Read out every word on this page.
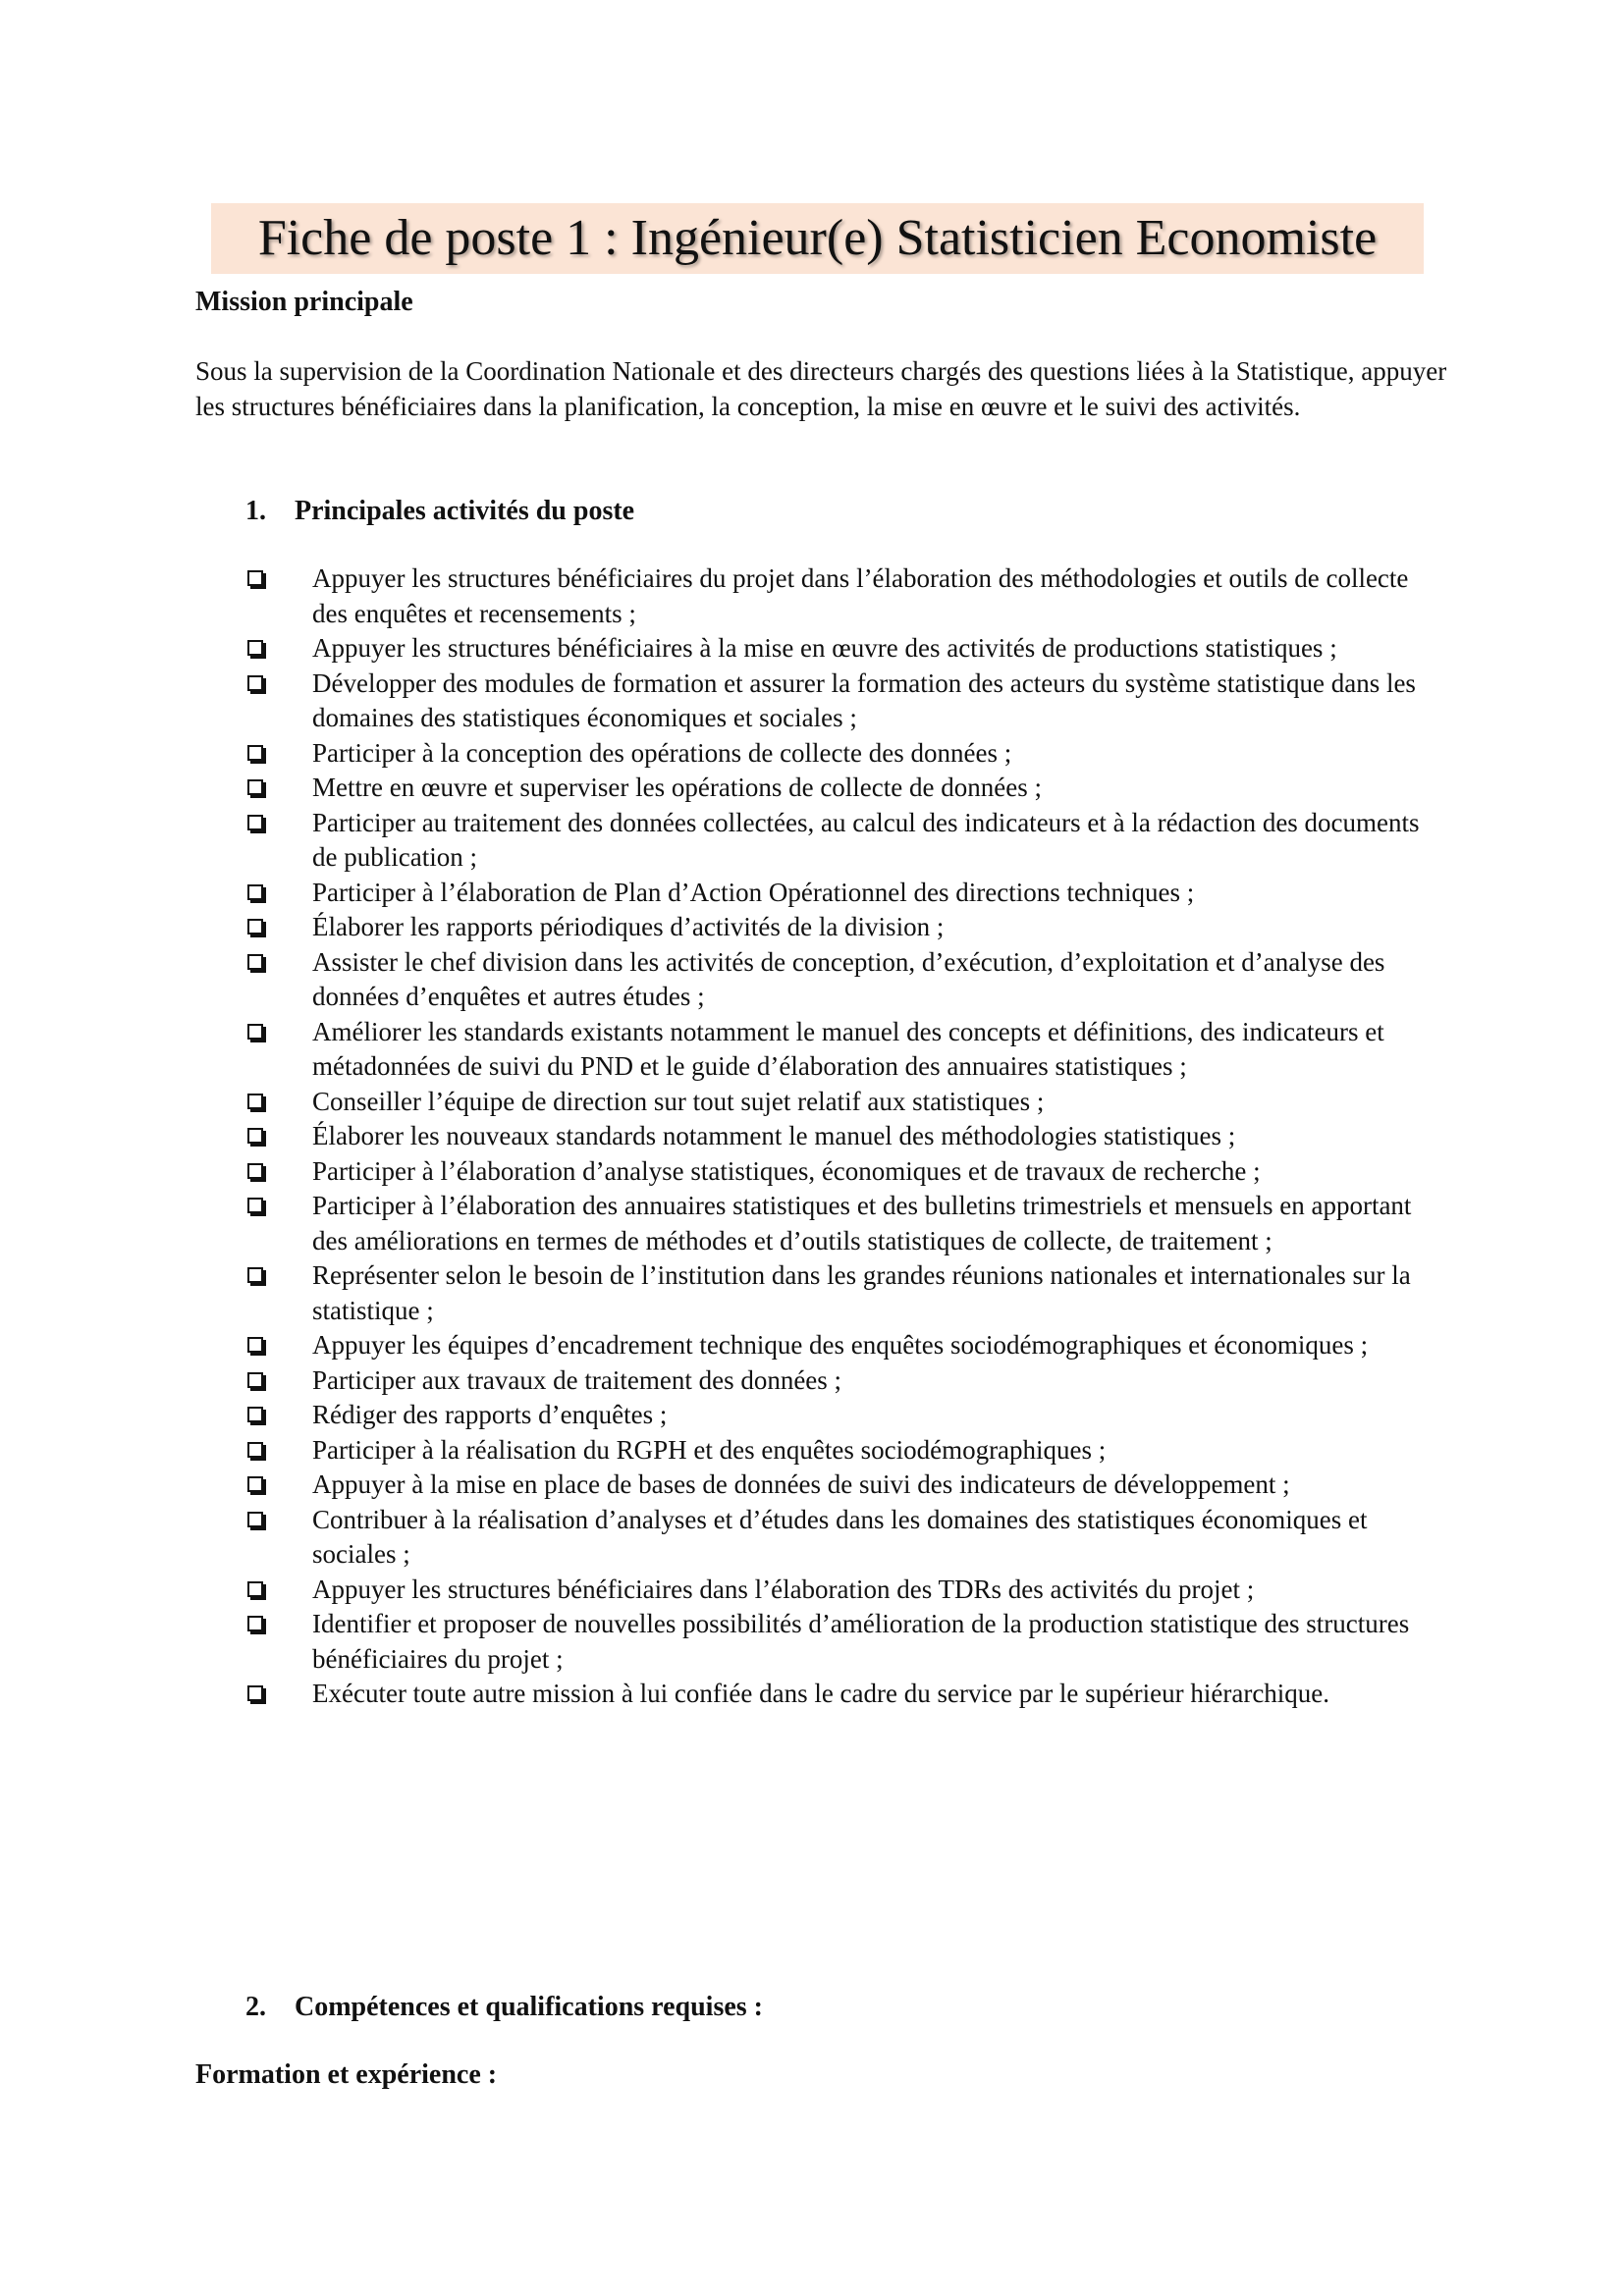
Fiche de poste 1 : Ingénieur(e) Statisticien Economiste
Mission principale

Sous la supervision de la Coordination Nationale et des directeurs chargés des questions liées à la Statistique, appuyer les structures bénéficiaires dans la planification, la conception, la mise en œuvre et le suivi des activités.

1. Principales activités du poste
Appuyer les structures bénéficiaires du projet dans l’élaboration des méthodologies et outils de collecte des enquêtes et recensements ;
Appuyer les structures bénéficiaires à la mise en œuvre des activités de productions statistiques ;
Développer des modules de formation et assurer la formation des acteurs du système statistique dans les domaines des statistiques économiques et sociales ;
Participer à la conception des opérations de collecte des données ;
Mettre en œuvre et superviser les opérations de collecte de données ;
Participer au traitement des données collectées, au calcul des indicateurs et à la rédaction des documents de publication ;
Participer à l’élaboration de Plan d’Action Opérationnel des directions techniques ;
Élaborer les rapports périodiques d’activités de la division ;
Assister le chef division dans les activités de conception, d’exécution, d’exploitation et d’analyse des données d’enquêtes et autres études ;
Améliorer les standards existants notamment le manuel des concepts et définitions, des indicateurs et métadonnées de suivi du PND et le guide d’élaboration des annuaires statistiques ;
Conseiller l’équipe de direction sur tout sujet relatif aux statistiques ;
Élaborer les nouveaux standards notamment le manuel des méthodologies statistiques ;
Participer à l’élaboration d’analyse statistiques, économiques et de travaux de recherche ;
Participer à l’élaboration des annuaires statistiques et des bulletins trimestriels et mensuels en apportant des améliorations en termes de méthodes et d’outils statistiques de collecte, de traitement ;
Représenter selon le besoin de l’institution dans les grandes réunions nationales et internationales sur la statistique ;
Appuyer les équipes d’encadrement technique des enquêtes sociodémographiques et économiques ;
Participer aux travaux de traitement des données ;
Rédiger des rapports d’enquêtes ;
Participer à la réalisation du RGPH et des enquêtes sociodémographiques ;
Appuyer à la mise en place de bases de données de suivi des indicateurs de développement ;
Contribuer à la réalisation d’analyses et d’études dans les domaines des statistiques économiques et sociales ;
Appuyer les structures bénéficiaires dans l’élaboration des TDRs des activités du projet ;
Identifier et proposer de nouvelles possibilités d’amélioration de la production statistique des structures bénéficiaires du projet ;
Exécuter toute autre mission à lui confiée dans le cadre du service par le supérieur hiérarchique.
2. Compétences et qualifications requises :
Formation et expérience :
